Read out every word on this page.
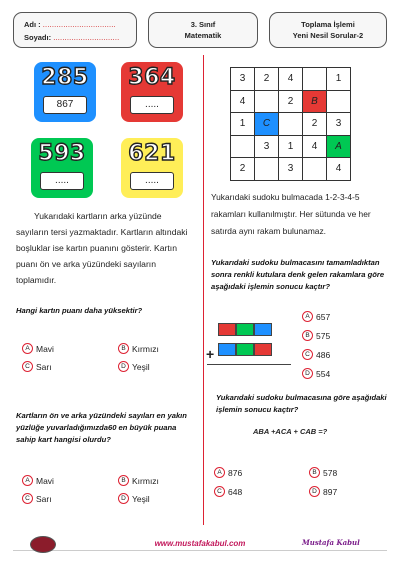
Adı : ................................
Soyadı: .............................
3. Sınıf
Matematik
Toplama İşlemi
Yeni Nesil Sorular-2
285
867
364
.....
593
.....
621
.....
Yukarıdaki kartların arka yüzünde sayıların tersi yazmaktadır. Kartların altındaki boşluklar ise kartın puanını gösterir. Kartın puanı ön ve arka yüzündeki sayıların toplamıdır.
Hangi kartın puanı daha yüksektir?
A Mavi	B Kırmızı
C Sarı	D Yeşil
Kartların ön ve arka yüzündeki sayıları en yakın yüzlüğe yuvarladığımızda60 en büyük puana sahip kart hangisi olurdu?
A Mavi	B Kırmızı
C Sarı	D Yeşil
3	2	4		1
4		2	B	
1	C		2	3
	3	1	4	A
2		3		4
Yukarıdaki sudoku bulmacada 1-2-3-4-5 rakamları kullanılmıştır. Her sütunda ve her satırda aynı rakam bulunamaz.
Yukarıdaki sudoku bulmacasını tamamladıktan sonra renkli kutulara denk gelen rakamlara göre aşağıdaki işlemin sonucu kaçtır?
+
A 657
B 575
C 486
D 554
Yukarıdaki sudoku bulmacasına göre aşağıdaki işlemin sonucu kaçtır?
ABA +ACA + CAB =?
A 876	B 578
C 648	D 897
www.mustafakabul.com	Mustafa Kabul
